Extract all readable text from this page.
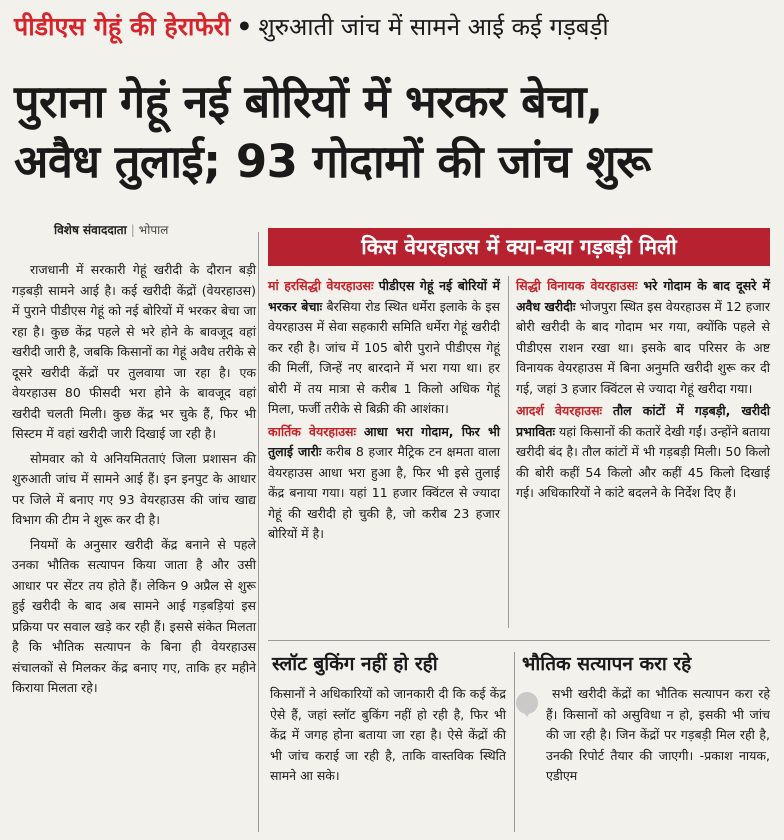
पीडीएस गेहूं की हेराफेरी • शुरुआती जांच में सामने आई कई गड़बड़ी
पुराना गेहूं नई बोरियों में भरकर बेचा,
अवैध तुलाई; 93 गोदामों की जांच शुरू
विशेष संवाददाता | भोपाल

राजधानी में सरकारी गेहूं खरीदी के दौरान बड़ी गड़बड़ी सामने आई है। कई खरीदी केंद्रों (वेयरहाउस) में पुराने पीडीएस गेहूं को नई बोरियों में भरकर बेचा जा रहा है। कुछ केंद्र पहले से भरे होने के बावजूद वहां खरीदी जारी है, जबकि किसानों का गेहूं अवैध तरीके से दूसरे खरीदी केंद्रों पर तुलवाया जा रहा है। एक वेयरहाउस 80 फीसदी भरा होने के बावजूद वहां खरीदी चलती मिली। कुछ केंद्र भर चुके हैं, फिर भी सिस्टम में वहां खरीदी जारी दिखाई जा रही है।

सोमवार को ये अनियमितताएं जिला प्रशासन की शुरुआती जांच में सामने आई हैं। इन इनपुट के आधार पर जिले में बनाए गए 93 वेयरहाउस की जांच खाद्य विभाग की टीम ने शुरू कर दी है।

नियमों के अनुसार खरीदी केंद्र बनाने से पहले उनका भौतिक सत्यापन किया जाता है और उसी आधार पर सेंटर तय होते हैं। लेकिन 9 अप्रैल से शुरू हुई खरीदी के बाद अब सामने आई गड़बड़ियां इस प्रक्रिया पर सवाल खड़े कर रही हैं। इससे संकेत मिलता है कि भौतिक सत्यापन के बिना ही वेयरहाउस संचालकों से मिलकर केंद्र बनाए गए, ताकि हर महीने किराया मिलता रहे।

किस वेयरहाउस में क्या-क्या गड़बड़ी मिली

मां हरसिद्धी वेयरहाउसः पीडीएस गेहूं नई बोरियों में भरकर बेचाः बैरसिया रोड स्थित धर्मेरा इलाके के इस वेयरहाउस में सेवा सहकारी समिति धर्मेरा गेहूं खरीदी कर रही है। जांच में 105 बोरी पुराने पीडीएस गेहूं की मिलीं, जिन्हें नए बारदाने में भरा गया था। हर बोरी में तय मात्रा से करीब 1 किलो अधिक गेहूं मिला, फर्जी तरीके से बिक्री की आशंका।

कार्तिक वेयरहाउसः आधा भरा गोदाम, फिर भी तुलाई जारीः करीब 8 हजार मैट्रिक टन क्षमता वाला वेयरहाउस आधा भरा हुआ है, फिर भी इसे तुलाई केंद्र बनाया गया। यहां 11 हजार क्विंटल से ज्यादा गेहूं की खरीदी हो चुकी है, जो करीब 23 हजार बोरियों में है।

सिद्धी विनायक वेयरहाउसः भरे गोदाम के बाद दूसरे में अवैध खरीदीः भोजपुरा स्थित इस वेयरहाउस में 12 हजार बोरी खरीदी के बाद गोदाम भर गया, क्योंकि पहले से पीडीएस राशन रखा था। इसके बाद परिसर के अष्ट विनायक वेयरहाउस में बिना अनुमति खरीदी शुरू कर दी गई, जहां 3 हजार क्विंटल से ज्यादा गेहूं खरीदा गया।

आदर्श वेयरहाउसः तौल कांटों में गड़बड़ी, खरीदी प्रभावितः यहां किसानों की कतारें देखी गईं। उन्होंने बताया खरीदी बंद है। तौल कांटों में भी गड़बड़ी मिली। 50 किलो की बोरी कहीं 54 किलो और कहीं 45 किलो दिखाई गई। अधिकारियों ने कांटे बदलने के निर्देश दिए हैं।

स्लॉट बुकिंग नहीं हो रही
किसानों ने अधिकारियों को जानकारी दी कि कई केंद्र ऐसे हैं, जहां स्लॉट बुकिंग नहीं हो रही है, फिर भी केंद्र में जगह होना बताया जा रहा है। ऐसे केंद्रों की भी जांच कराई जा रही है, ताकि वास्तविक स्थिति सामने आ सके।
भौतिक सत्यापन करा रहे
सभी खरीदी केंद्रों का भौतिक सत्यापन करा रहे हैं। किसानों को असुविधा न हो, इसकी भी जांच की जा रही है। जिन केंद्रों पर गड़बड़ी मिल रही है, उनकी रिपोर्ट तैयार की जाएगी। -प्रकाश नायक, एडीएम
